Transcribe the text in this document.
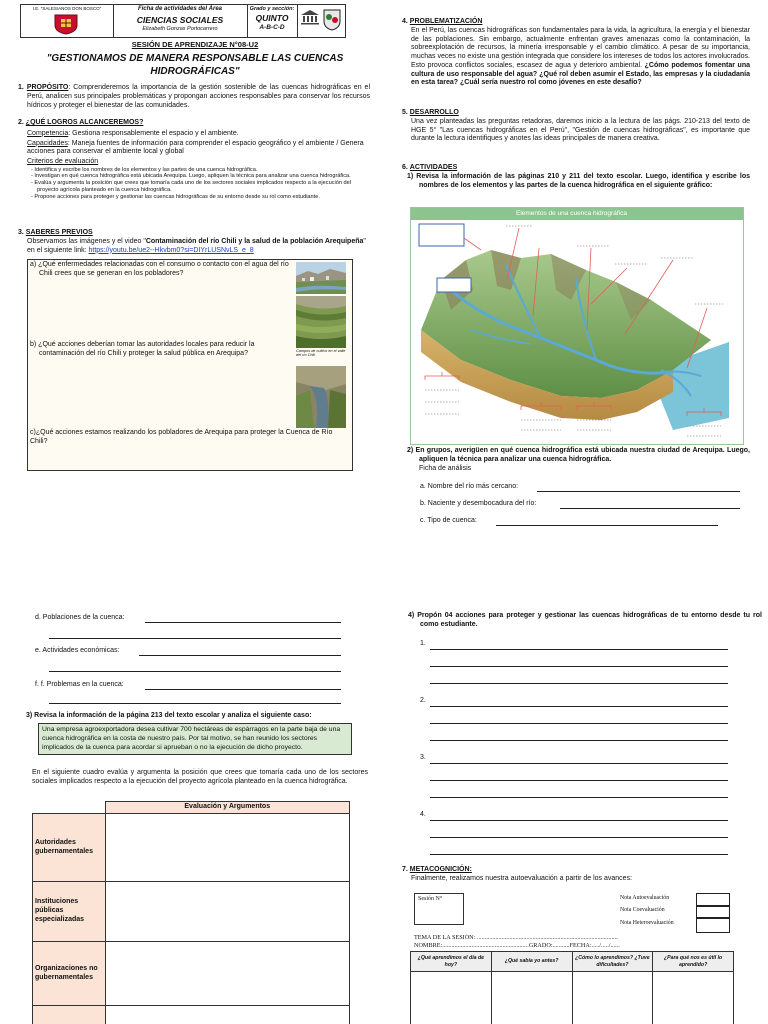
I.E. "SALESIANOS DON BOSCO"	Ficha de actividades del Área
CIENCIAS SOCIALES
Elizabeth Gonzas Portocarrero
Grado y sección:
QUINTO
A-B-C-D
SESIÓN DE APRENDIZAJE N°08-U2
"GESTIONAMOS DE MANERA RESPONSABLE LAS CUENCAS
HIDROGRÁFICAS"
1. PROPÓSITO: Comprenderemos la importancia de la gestión sostenible de las cuencas hidrográficas en el Perú, analicen sus principales problemáticas y propongan acciones responsables para conservar los recursos hídricos y proteger el bienestar de las comunidades.
2. ¿QUÉ LOGROS ALCANCEREMOS?
Competencia: Gestiona responsablemente el espacio y el ambiente.
Capacidades: Maneja fuentes de información para comprender el espacio geográfico y el ambiente / Genera acciones para conservar el ambiente local y global
Criterios de evaluación
- Identifica y escribe los nombres de los elementos y las partes de una cuenca hidrográfica.
- Investigan en qué cuenca hidrográfica está ubicada Arequipa. Luego, apliquen la técnica para analizar una cuenca hidrográfica.
- Evalúa y argumenta la posición que crees que tomaría cada uno de los sectores sociales implicados respecto a la ejecución del proyecto agrícola planteado en la cuenca hidrográfica.
- Propone acciones para proteger y gestionar las cuencas hidrográficas de su entorno desde su rol como estudiante.
3. SABERES PREVIOS
Observamos las imágenes y el video "Contaminación del río Chili y la salud de la población Arequipeña" en el siguiente link: https://youtu.be/ue2--Hkvbm0?si=DIYrLUSNvLS_e_8
a) ¿Qué enfermedades relacionadas con el consumo o contacto con el agua del río Chili crees que se generan en los pobladores?
b) ¿Qué acciones deberían tomar las autoridades locales para reducir la contaminación del río Chili y proteger la salud pública en Arequipa?
c)¿Qué acciones estamos realizando los pobladores de Arequipa para proteger la Cuenca de Río Chili?
Campos de cultivo en el valle del río Chili
4. PROBLEMATIZACIÓN
En el Perú, las cuencas hidrográficas son fundamentales para la vida, la agricultura, la energía y el bienestar de las poblaciones. Sin embargo, actualmente enfrentan graves amenazas como la contaminación, la sobreexplotación de recursos, la minería irresponsable y el cambio climático. A pesar de su importancia, muchas veces no existe una gestión integrada que considere los intereses de todos los actores involucrados. Esto provoca conflictos sociales, escasez de agua y deterioro ambiental. ¿Cómo podemos fomentar una cultura de uso responsable del agua? ¿Qué rol deben asumir el Estado, las empresas y la ciudadanía en esta tarea? ¿Cuál sería nuestro rol como jóvenes en este desafío?
5. DESARROLLO
Una vez planteadas las preguntas retadoras, daremos inicio a la lectura de las págs. 210-213 del texto de HGE 5° "Las cuencas hidrográficas en el Perú", "Gestión de cuencas hidrográficas", es importante que durante la lectura identifiques y anotes las ideas principales de manera creativa.
6. ACTIVIDADES
1) Revisa la información de las páginas 210 y 211 del texto escolar. Luego, identifica y escribe los nombres de los elementos y las partes de la cuenca hidrográfica en el siguiente gráfico:
Elementos de una cuenca hidrográfica
2) En grupos, averigüen en qué cuenca hidrográfica está ubicada nuestra ciudad de Arequipa. Luego, apliquen la técnica para analizar una cuenca hidrográfica.
Ficha de análisis
a. Nombre del río más cercano:
b. Naciente y desembocadura del río:
c. Tipo de cuenca:
d. Poblaciones de la cuenca:
e. Actividades económicas:
f. f. Problemas en la cuenca:
3) Revisa la información de la página 213 del texto escolar y analiza el siguiente caso:
Una empresa agroexportadora desea cultivar 700 hectáreas de espárragos en la parte baja de una cuenca hidrográfica en la costa de nuestro país. Por tal motivo, se han reunido los sectores implicados de la cuenca para acordar si aprueban o no la ejecución de dicho proyecto.
En el siguiente cuadro evalúa y argumenta la posición que crees que tomaría cada uno de los sectores sociales implicados respecto a la ejecución del proyecto agrícola planteado en la cuenca hidrográfica.
	Evaluación y Argumentos
Autoridades gubernamentales	
Instituciones públicas especializadas	
Organizaciones no gubernamentales	

4) Propón 04 acciones para proteger y gestionar las cuencas hidrográficas de tu entorno desde tu rol como estudiante.
1.
2.
3.
4.
7. METACOGNICIÓN:
Finalmente, realizamos nuestra autoevaluación a partir de los avances:
Sesión N°	Nota Autoevaluación
Nota Coevaluación
Nota Heteroevaluación
TEMA DE LA SESIÓN: ...........................................................................................
NOMBRE:........................................................GRADO:...........FECHA:...../...../......
¿Qué aprendimos el día de hoy?	¿Qué sabía yo antes?	¿Cómo lo aprendimos? ¿Tuve dificultades?	¿Para qué nos es útil lo aprendido?
